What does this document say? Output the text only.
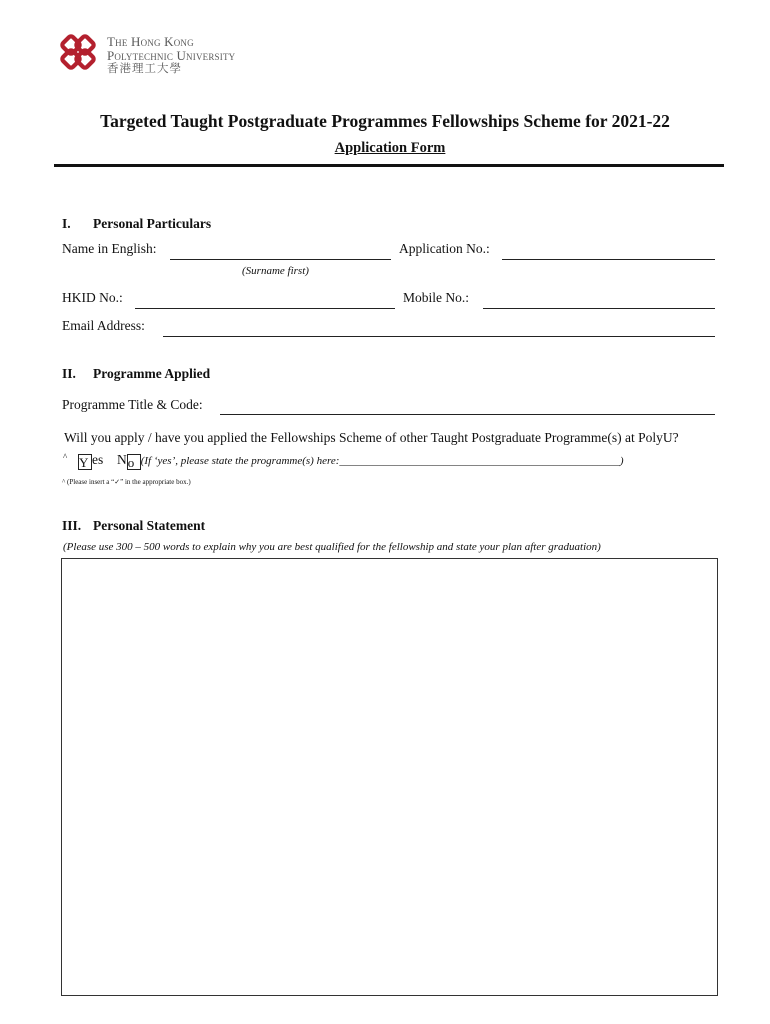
The Hong Kong
Polytechnic University
香港理工大學
Targeted Taught Postgraduate Programmes Fellowships Scheme for 2021-22
Application Form
I. Personal Particulars
Name in English:
(Surname first)
Application No.:
HKID No.:	Mobile No.:
Email Address:
II. Programme Applied
Programme Title & Code:
Will you apply / have you applied the Fellowships Scheme of other Taught Postgraduate Programme(s) at PolyU?
^ Y es No (If ‘yes’, please state the programme(s) here:___________________________________________________)
^ (Please insert a “✓” in the appropriate box.)
III. Personal Statement
(Please use 300 – 500 words to explain why you are best qualified for the fellowship and state your plan after graduation)
